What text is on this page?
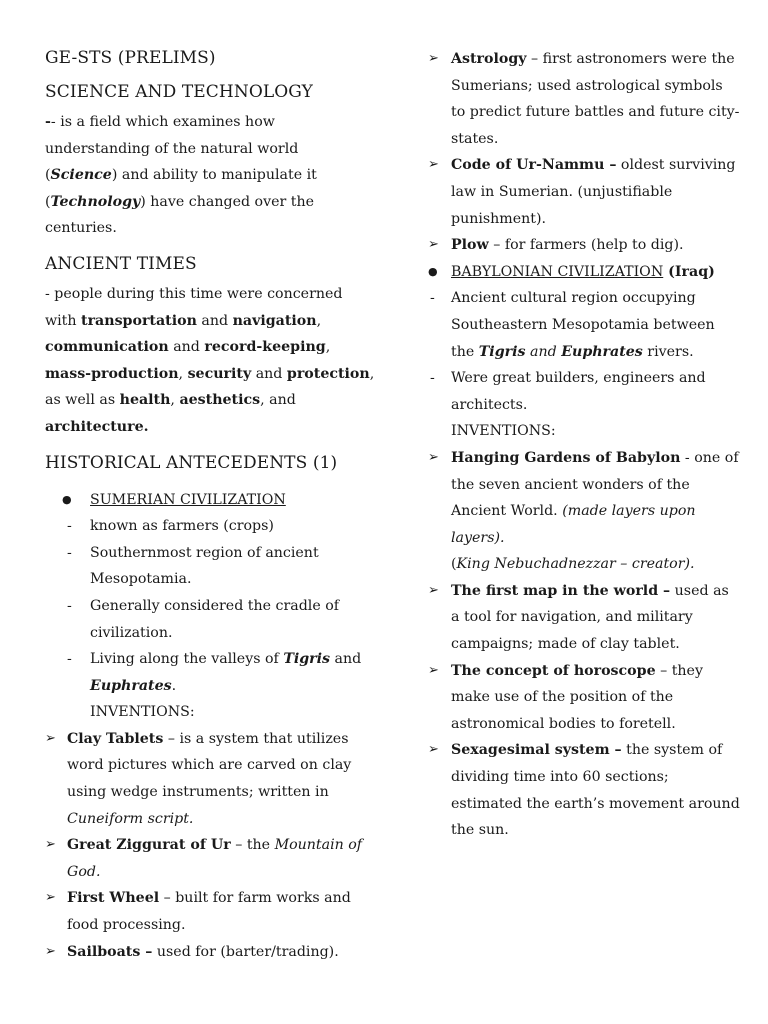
GE-STS (PRELIMS)
SCIENCE AND TECHNOLOGY

-- is a field which examines how understanding of the natural world (Science) and ability to manipulate it (Technology) have changed over the centuries.

ANCIENT TIMES

- people during this time were concerned with transportation and navigation, communication and record-keeping, mass-production, security and protection, as well as health, aesthetics, and architecture.

HISTORICAL ANTECEDENTS (1)
●	SUMERIAN CIVILIZATION
-	known as farmers (crops)
-	Southernmost region of ancient Mesopotamia.
-	Generally considered the cradle of civilization.
-	Living along the valleys of Tigris and Euphrates.
INVENTIONS:
➢ Clay Tablets – is a system that utilizes word pictures which are carved on clay using wedge instruments; written in Cuneiform script.
➢ Great Ziggurat of Ur – the Mountain of God.
➢ First Wheel – built for farm works and food processing.
➢ Sailboats – used for (barter/trading).
➢ Astrology – first astronomers were the Sumerians; used astrological symbols to predict future battles and future city-states.
➢ Code of Ur-Nammu – oldest surviving law in Sumerian. (unjustifiable punishment).
➢ Plow – for farmers (help to dig).
● BABYLONIAN CIVILIZATION (Iraq)
-	Ancient cultural region occupying Southeastern Mesopotamia between the Tigris and Euphrates rivers.
-	Were great builders, engineers and architects.
INVENTIONS:
➢ Hanging Gardens of Babylon - one of the seven ancient wonders of the Ancient World. (made layers upon layers).
(King Nebuchadnezzar – creator).
➢ The first map in the world – used as a tool for navigation, and military campaigns; made of clay tablet.
➢ The concept of horoscope – they make use of the position of the astronomical bodies to foretell.
➢ Sexagesimal system – the system of dividing time into 60 sections; estimated the earth’s movement around the sun.
